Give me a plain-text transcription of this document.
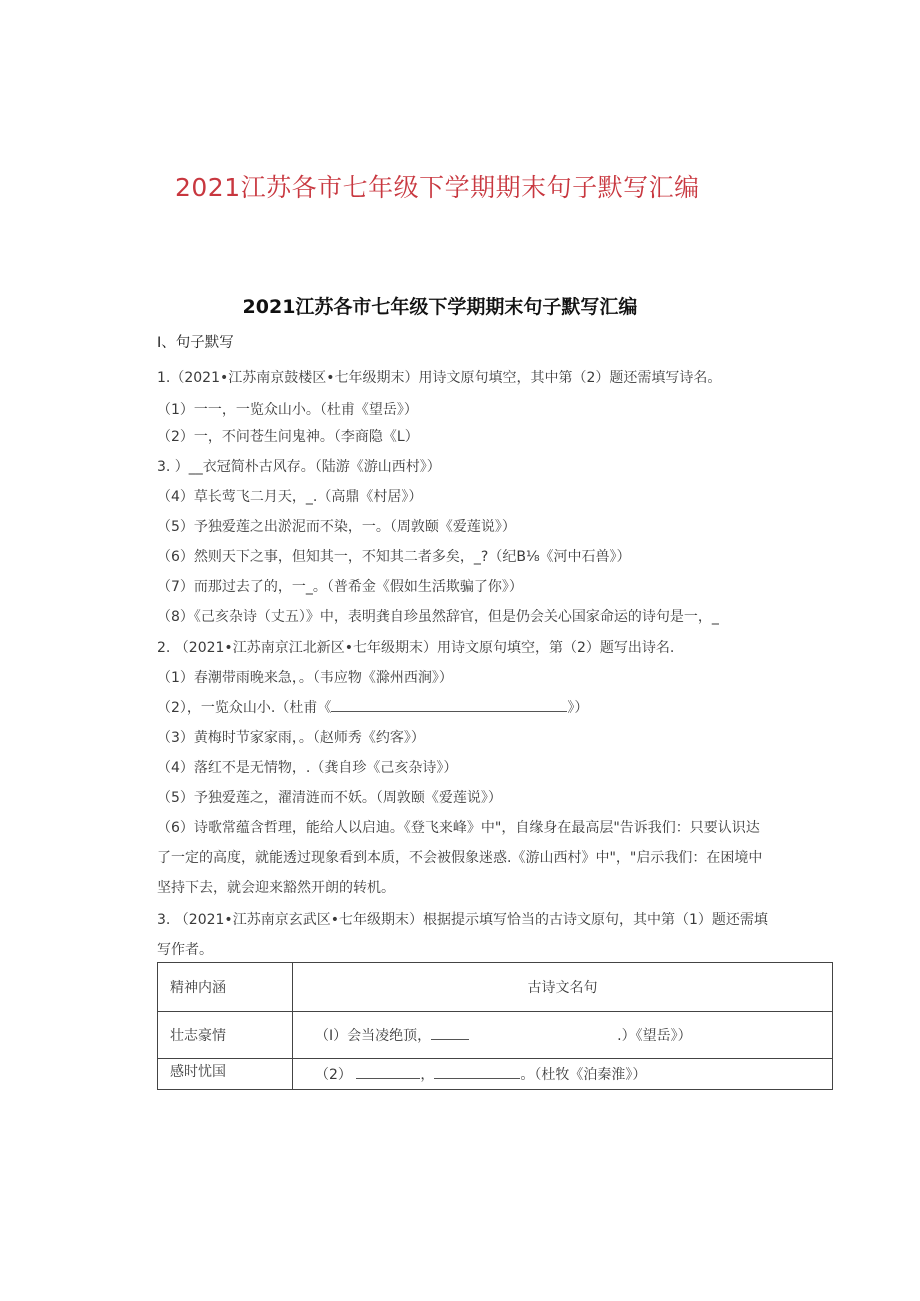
2021江苏各市七年级下学期期末句子默写汇编
2021江苏各市七年级下学期期末句子默写汇编
I、句子默写
1.（2021•江苏南京鼓楼区•七年级期末）用诗文原句填空，其中第（2）题还需填写诗名。
（1）一一，一览众山小。（杜甫《望岳》）
（2）一，不问苍生问鬼神。（李商隐《L）
3. ）__衣冠简朴古风存。（陆游《游山西村》）
（4）草长莺飞二月天，_.（高鼎《村居》）
（5）予独爱莲之出淤泥而不染，一。（周敦颐《爱莲说》）
（6）然则天下之事，但知其一，不知其二者多矣，_?（纪B⅛《河中石兽》）
（7）而那过去了的，一_。（普希金《假如生活欺骗了你》）
（8）《己亥杂诗（丈五）》中，表明龚自珍虽然辞官，但是仍会关心国家命运的诗句是一，_
2. （2021•江苏南京江北新区•七年级期末）用诗文原句填空，第（2）题写出诗名.
（1）春潮带雨晚来急，。（韦应物《滁州西涧》）
（2），一览众山小.（杜甫《	》）
（3）黄梅时节家家雨，。（赵师秀《约客》）
（4）落红不是无情物，.（龚自珍《己亥杂诗》）
（5）予独爱莲之，濯清涟而不妖。（周敦颐《爱莲说》）
（6）诗歌常蕴含哲理，能给人以启迪。《登飞来峰》中"，自缘身在最高层"告诉我们：只要认识达
了一定的高度，就能透过现象看到本质，不会被假象迷惑.《游山西村》中"，"启示我们：在困境中
坚持下去，就会迎来豁然开朗的转机。
3. （2021•江苏南京玄武区•七年级期末）根据提示填写恰当的古诗文原句，其中第（1）题还需填
写作者。
精神内涵	古诗文名句
壮志豪情	（I）会当凌绝顶， .）《望岳》）

感时忧国	（2） ， 。（杜牧《泊秦淮》）
